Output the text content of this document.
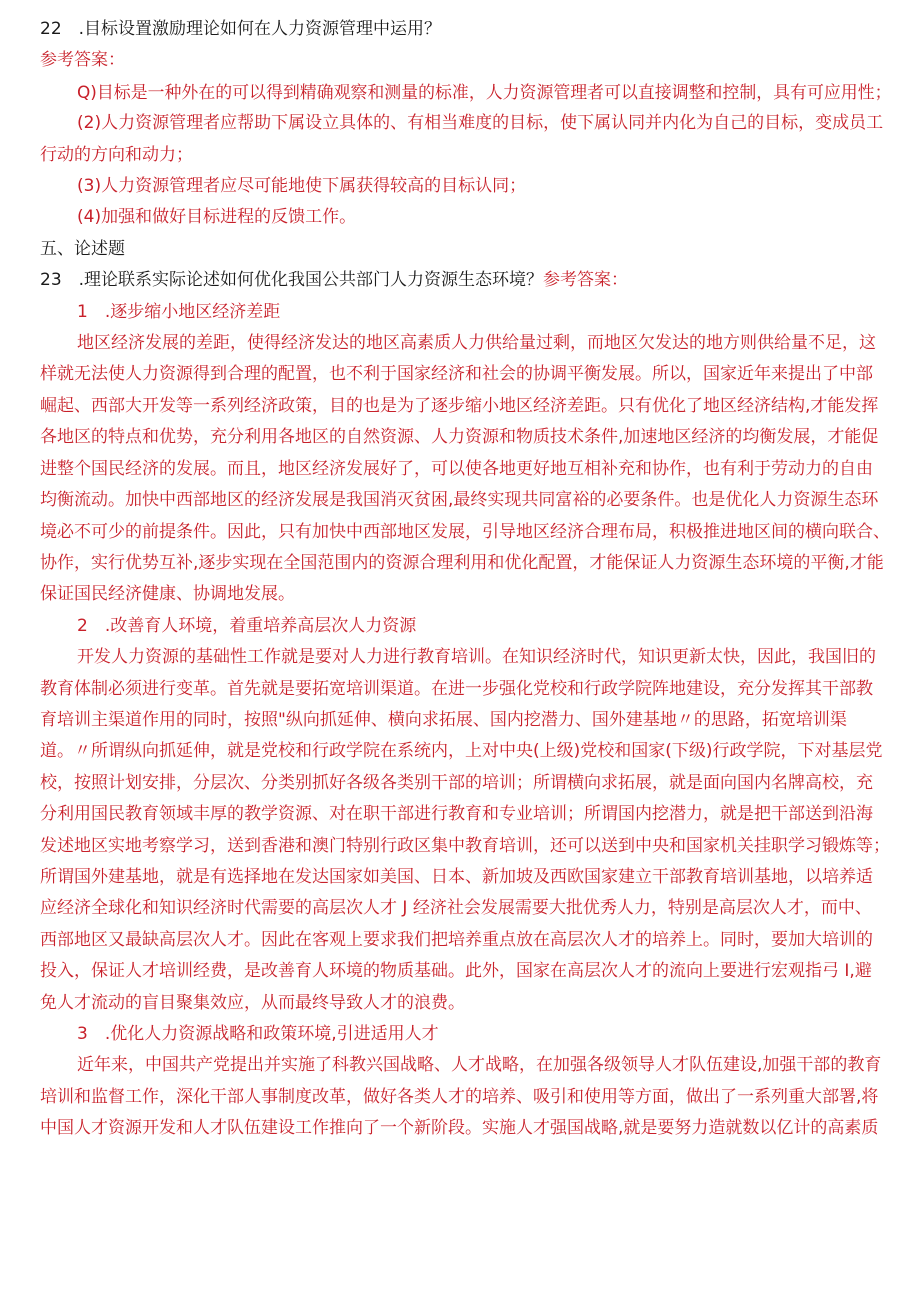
22　.目标设置激励理论如何在人力资源管理中运用？
参考答案：
Q)目标是一种外在的可以得到精确观察和测量的标准，人力资源管理者可以直接调整和控制，具有可应用性；
(2)人力资源管理者应帮助下属设立具体的、有相当难度的目标，使下属认同并内化为自己的目标，变成员工
行动的方向和动力；
(3)人力资源管理者应尽可能地使下属获得较高的目标认同；
(4)加强和做好目标进程的反馈工作。
五、论述题
23　.理论联系实际论述如何优化我国公共部门人力资源生态环境？参考答案：
1　.逐步缩小地区经济差距
地区经济发展的差距，使得经济发达的地区高素质人力供给量过剩，而地区欠发达的地方则供给量不足，这
样就无法使人力资源得到合理的配置，也不利于国家经济和社会的协调平衡发展。所以，国家近年来提出了中部
崛起、西部大开发等一系列经济政策，目的也是为了逐步缩小地区经济差距。只有优化了地区经济结构,才能发挥
各地区的特点和优势，充分利用各地区的自然资源、人力资源和物质技术条件,加速地区经济的均衡发展，才能促
进整个国民经济的发展。而且，地区经济发展好了，可以使各地更好地互相补充和协作，也有利于劳动力的自由
均衡流动。加快中西部地区的经济发展是我国消灭贫困,最终实现共同富裕的必要条件。也是优化人力资源生态环
境必不可少的前提条件。因此，只有加快中西部地区发展，引导地区经济合理布局，积极推进地区间的横向联合、
协作，实行优势互补,逐步实现在全国范围内的资源合理利用和优化配置，才能保证人力资源生态环境的平衡,才能
保证国民经济健康、协调地发展。
2　.改善育人环境，着重培养高层次人力资源
开发人力资源的基础性工作就是要对人力进行教育培训。在知识经济时代，知识更新太快，因此，我国旧的
教育体制必须进行变革。首先就是要拓宽培训渠道。在进一步强化党校和行政学院阵地建设，充分发挥其干部教
育培训主渠道作用的同时，按照"纵向抓延伸、横向求拓展、国内挖潜力、国外建基地〃的思路，拓宽培训渠
道。〃所谓纵向抓延伸，就是党校和行政学院在系统内，上对中央(上级)党校和国家(下级)行政学院，下对基层党
校，按照计划安排，分层次、分类别抓好各级各类别干部的培训；所谓横向求拓展，就是面向国内名牌高校，充
分利用国民教育领域丰厚的教学资源、对在职干部进行教育和专业培训；所谓国内挖潜力，就是把干部送到沿海
发述地区实地考察学习，送到香港和澳门特别行政区集中教育培训，还可以送到中央和国家机关挂职学习锻炼等；
所谓国外建基地，就是有选择地在发达国家如美国、日本、新加坡及西欧国家建立干部教育培训基地，以培养适
应经济全球化和知识经济时代需要的高层次人才 J 经济社会发展需要大批优秀人力，特别是高层次人才，而中、
西部地区又最缺高层次人才。因此在客观上要求我们把培养重点放在高层次人才的培养上。同时，要加大培训的
投入，保证人才培训经费，是改善育人环境的物质基础。此外，国家在高层次人才的流向上要进行宏观指弓 I,避
免人才流动的盲目聚集效应，从而最终导致人才的浪费。
3　.优化人力资源战略和政策环境,引进适用人才
近年来，中国共产党提出并实施了科教兴国战略、人才战略，在加强各级领导人才队伍建设,加强干部的教育
培训和监督工作，深化干部人事制度改革，做好各类人才的培养、吸引和使用等方面，做出了一系列重大部署,将
中国人才资源开发和人才队伍建设工作推向了一个新阶段。实施人才强国战略,就是要努力造就数以亿计的高素质
